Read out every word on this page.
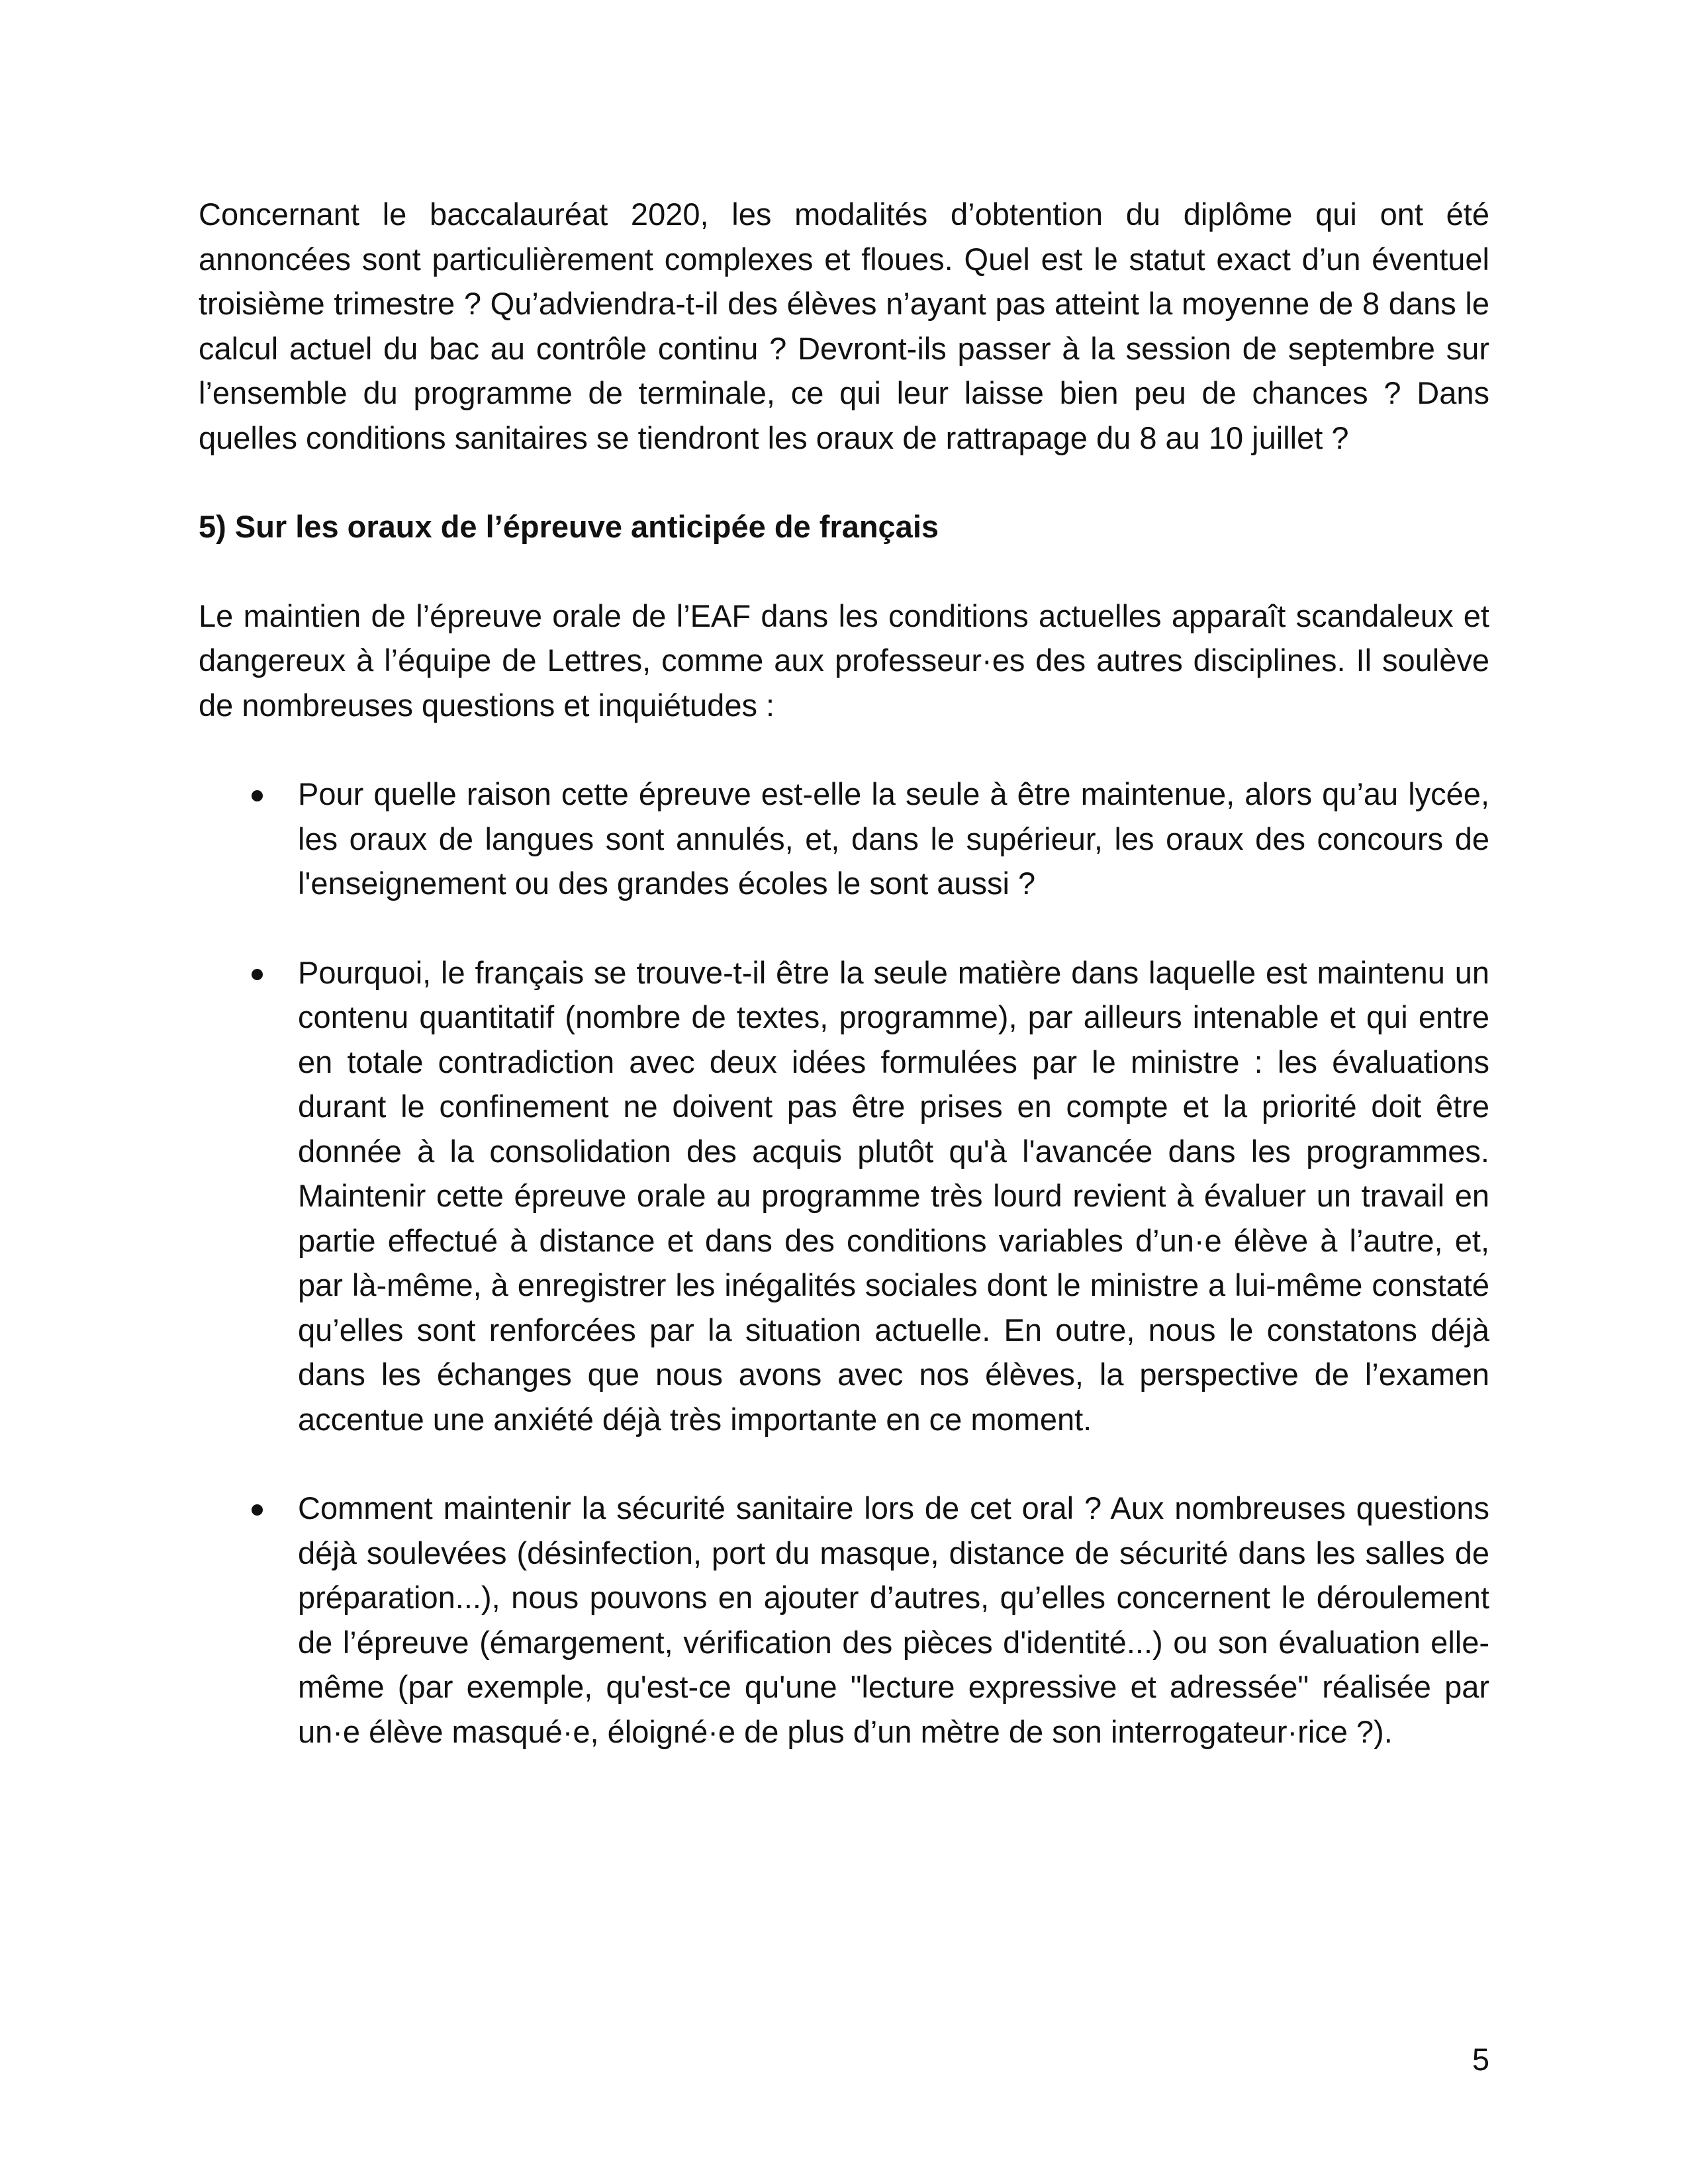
Concernant le baccalauréat 2020, les modalités d’obtention du diplôme qui ont été annoncées sont particulièrement complexes et floues. Quel est le statut exact d’un éventuel troisième trimestre ? Qu’adviendra-t-il des élèves n’ayant pas atteint la moyenne de 8 dans le calcul actuel du bac au contrôle continu ? Devront-ils passer à la session de septembre sur l’ensemble du programme de terminale, ce qui leur laisse bien peu de chances ? Dans quelles conditions sanitaires se tiendront les oraux de rattrapage du 8 au 10 juillet ?

5) Sur les oraux de l’épreuve anticipée de français

Le maintien de l’épreuve orale de l’EAF dans les conditions actuelles apparaît scandaleux et dangereux à l’équipe de Lettres, comme aux professeur·es des autres disciplines. Il soulève de nombreuses questions et inquiétudes :

Pour quelle raison cette épreuve est-elle la seule à être maintenue, alors qu’au lycée, les oraux de langues sont annulés, et, dans le supérieur, les oraux des concours de l'enseignement ou des grandes écoles le sont aussi ?

Pourquoi, le français se trouve-t-il être la seule matière dans laquelle est maintenu un contenu quantitatif (nombre de textes, programme), par ailleurs intenable et qui entre en totale contradiction avec deux idées formulées par le ministre : les évaluations durant le confinement ne doivent pas être prises en compte et la priorité doit être donnée à la consolidation des acquis plutôt qu'à l'avancée dans les programmes. Maintenir cette épreuve orale au programme très lourd revient à évaluer un travail en partie effectué à distance et dans des conditions variables d’un·e élève à l’autre, et, par là-même, à enregistrer les inégalités sociales dont le ministre a lui-même constaté qu’elles sont renforcées par la situation actuelle. En outre, nous le constatons déjà dans les échanges que nous avons avec nos élèves, la perspective de l’examen accentue une anxiété déjà très importante en ce moment.

Comment maintenir la sécurité sanitaire lors de cet oral ? Aux nombreuses questions déjà soulevées (désinfection, port du masque, distance de sécurité dans les salles de préparation...), nous pouvons en ajouter d’autres, qu’elles concernent le déroulement de l’épreuve (émargement, vérification des pièces d'identité...) ou son évaluation elle-même (par exemple, qu'est-ce qu'une "lecture expressive et adressée" réalisée par un·e élève masqué·e, éloigné·e de plus d’un mètre de son interrogateur·rice ?).

5
